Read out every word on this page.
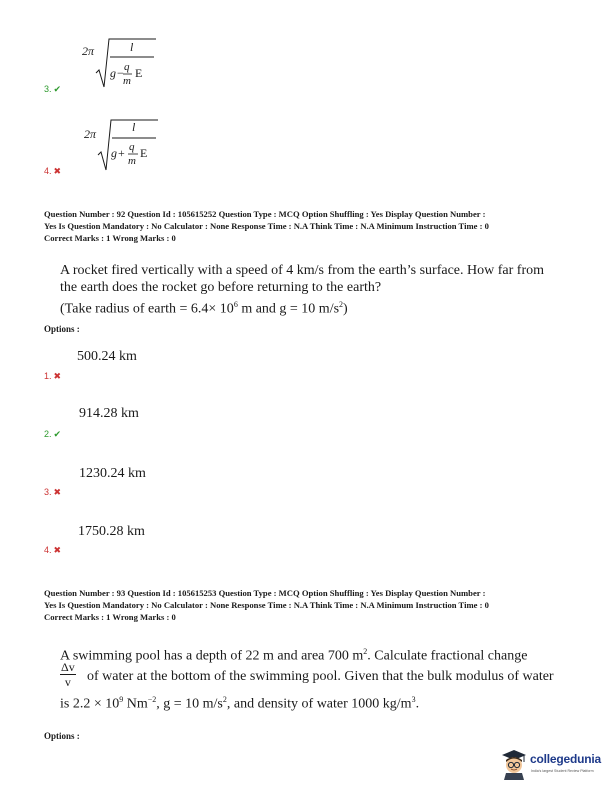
2π	l
g − q
m
E
3. ✔
2π	l
g + q
m
E
4. ✖
Question Number : 92 Question Id : 105615252 Question Type : MCQ Option Shuffling : Yes Display Question Number :
Yes Is Question Mandatory : No Calculator : None Response Time : N.A Think Time : N.A Minimum Instruction Time : 0
Correct Marks : 1 Wrong Marks : 0
A rocket fired vertically with a speed of 4 km/s from the earth’s surface. How far from
the earth does the rocket go before returning to the earth?
(Take radius of earth = $6.4\times 10^6$ m and g = 10 $m/s^2$)
Options :
500.24 km
1. ✖
914.28 km
2. ✔
1230.24 km
3. ✖
1750.28 km
4. ✖
Question Number : 93 Question Id : 105615253 Question Type : MCQ Option Shuffling : Yes Display Question Number :
Yes Is Question Mandatory : No Calculator : None Response Time : N.A Think Time : N.A Minimum Instruction Time : 0
Correct Marks : 1 Wrong Marks : 0
A swimming pool has a depth of 22 m and area 700 $m^2$. Calculate fractional change
$\frac{\Delta v}{v}$ of water at the bottom of the swimming pool. Given that the bulk modulus of water
is $2.2 \times 10^9$ $Nm^{-2}$, g = 10 $m/s^2$, and density of water 1000 $kg/m^3$.
Options :
collegedunia
India's largest Student Review Platform
